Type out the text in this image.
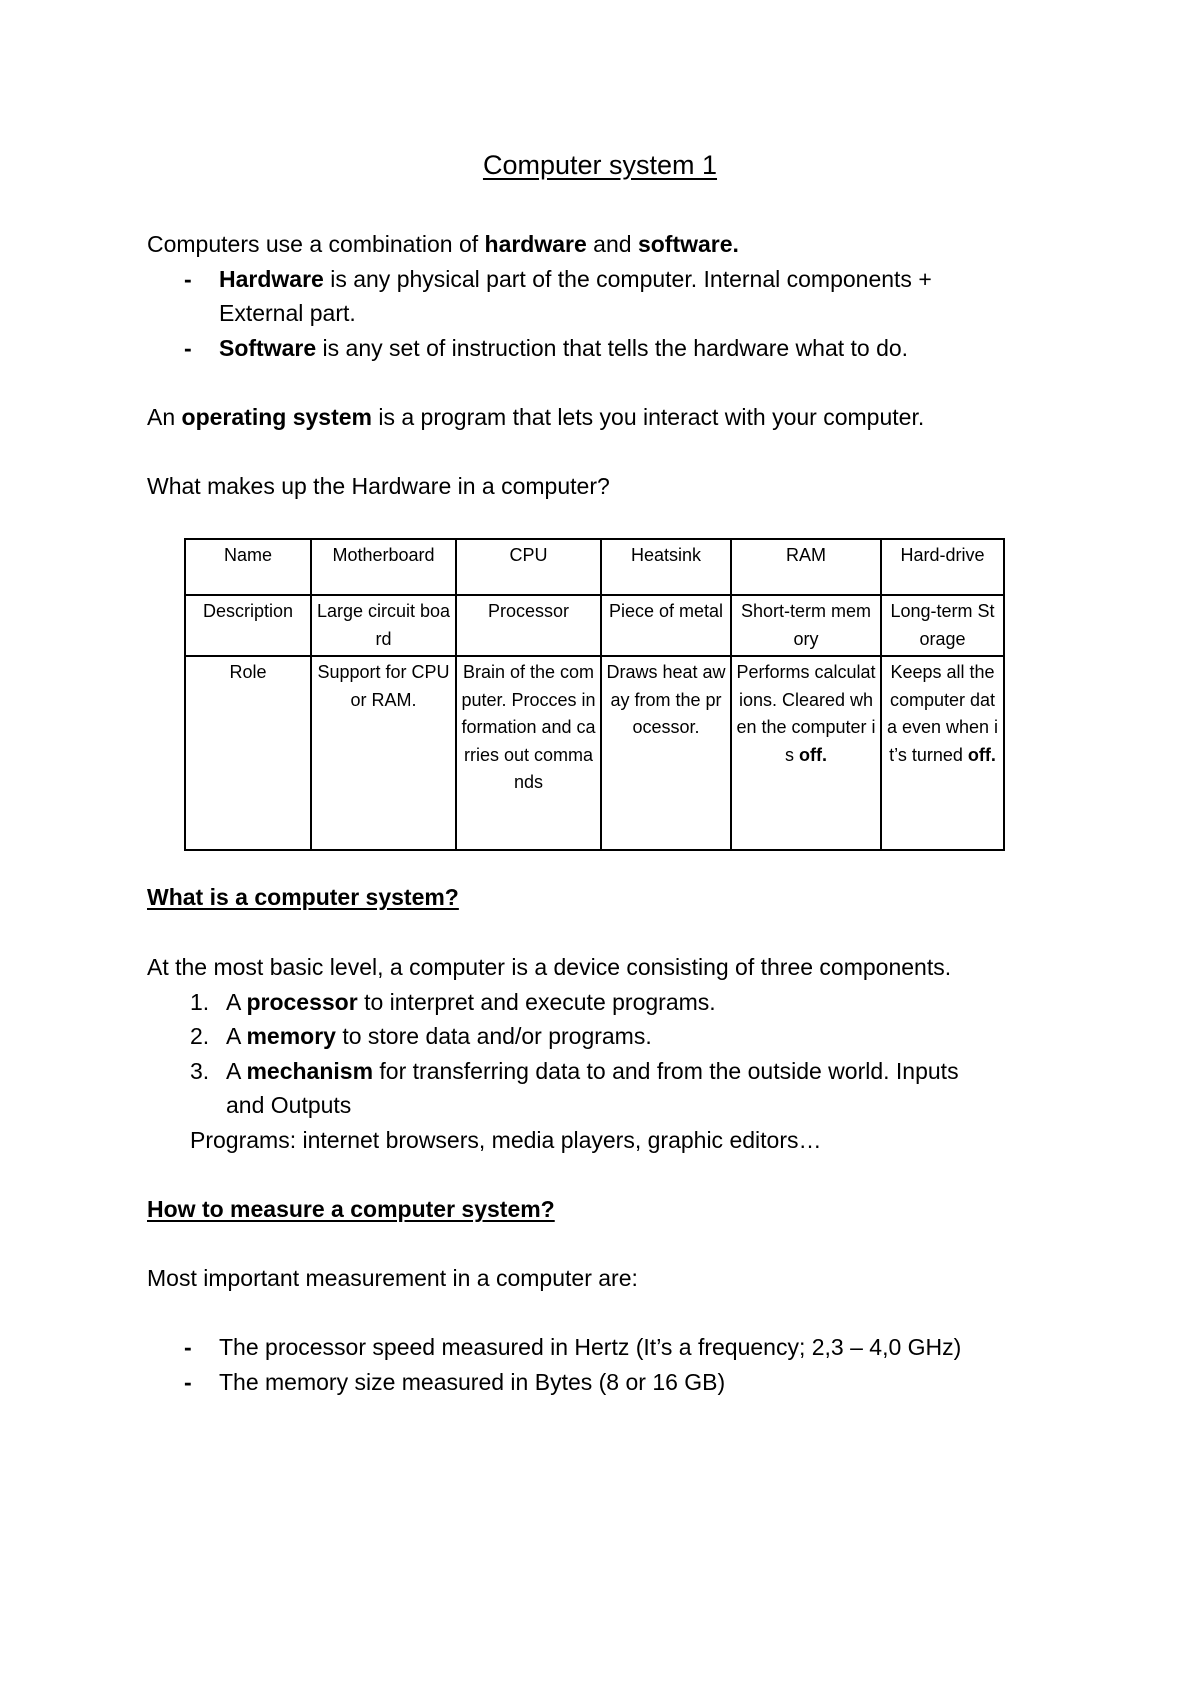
Computer system 1
Computers use a combination of hardware and software.
- Hardware is any physical part of the computer. Internal components +
External part.
- Software is any set of instruction that tells the hardware what to do.
An operating system is a program that lets you interact with your computer.
What makes up the Hardware in a computer?
Name	Motherboard	CPU	Heatsink	RAM	Hard-drive
Description	Large circuit board	Processor	Piece of metal	Short-term memory	Long-term Storage
Role	Support for CPU or RAM.	Brain of the computer. Procces information and carries out commands	Draws heat away from the processor.	Performs calculations. Cleared when the computer is off.	Keeps all the computer data even when it’s turned off.
What is a computer system?
At the most basic level, a computer is a device consisting of three components.
1. A processor to interpret and execute programs.
2. A memory to store data and/or programs.
3. A mechanism for transferring data to and from the outside world. Inputs
and Outputs
Programs: internet browsers, media players, graphic editors…
How to measure a computer system?
Most important measurement in a computer are:
- The processor speed measured in Hertz (It’s a frequency; 2,3 – 4,0 GHz)
- The memory size measured in Bytes (8 or 16 GB)
